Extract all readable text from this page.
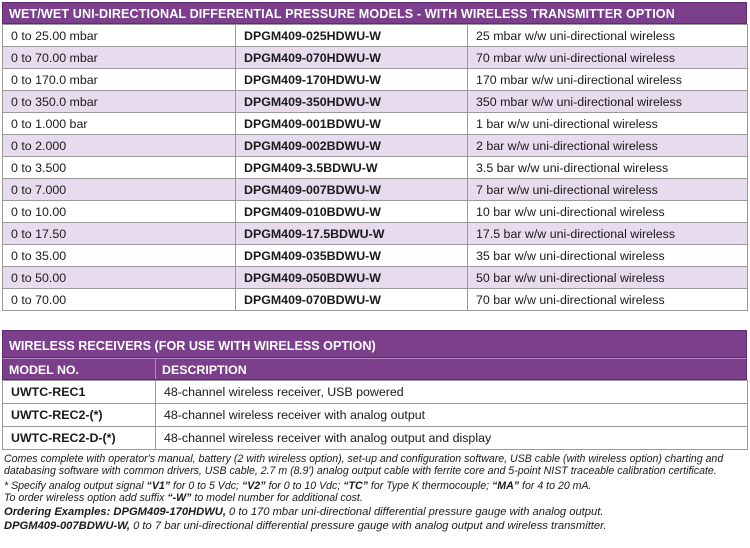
WET/WET UNI-DIRECTIONAL DIFFERENTIAL PRESSURE MODELS - WITH WIRELESS TRANSMITTER OPTION
0 to 25.00 mbar	DPGM409-025HDWU-W	25 mbar w/w uni-directional wireless
0 to 70.00 mbar	DPGM409-070HDWU-W	70 mbar w/w uni-directional wireless
0 to 170.0 mbar	DPGM409-170HDWU-W	170 mbar w/w uni-directional wireless
0 to 350.0 mbar	DPGM409-350HDWU-W	350 mbar w/w uni-directional wireless
0 to 1.000 bar	DPGM409-001BDWU-W	1 bar w/w uni-directional wireless
0 to 2.000	DPGM409-002BDWU-W	2 bar w/w uni-directional wireless
0 to 3.500	DPGM409-3.5BDWU-W	3.5 bar w/w uni-directional wireless
0 to 7.000	DPGM409-007BDWU-W	7 bar w/w uni-directional wireless
0 to 10.00	DPGM409-010BDWU-W	10 bar w/w uni-directional wireless
0 to 17.50	DPGM409-17.5BDWU-W	17.5 bar w/w uni-directional wireless
0 to 35.00	DPGM409-035BDWU-W	35 bar w/w uni-directional wireless
0 to 50.00	DPGM409-050BDWU-W	50 bar w/w uni-directional wireless
0 to 70.00	DPGM409-070BDWU-W	70 bar w/w uni-directional wireless
WIRELESS RECEIVERS (FOR USE WITH WIRELESS OPTION)
MODEL NO.	DESCRIPTION
UWTC-REC1	48-channel wireless receiver, USB powered
UWTC-REC2-(*)	48-channel wireless receiver with analog output
UWTC-REC2-D-(*)	48-channel wireless receiver with analog output and display

Comes complete with operator's manual, battery (2 with wireless option), set-up and configuration software, USB cable (with wireless option) charting and databasing software with common drivers, USB cable, 2.7 m (8.9') analog output cable with ferrite core and 5-point NIST traceable calibration certificate.

* Specify analog output signal “V1” for 0 to 5 Vdc; “V2” for 0 to 10 Vdc; “TC” for Type K thermocouple; “MA” for 4 to 20 mA.

To order wireless option add suffix “-W” to model number for additional cost.

Ordering Examples: DPGM409-170HDWU, 0 to 170 mbar uni-directional differential pressure gauge with analog output.

DPGM409-007BDWU-W, 0 to 7 bar uni-directional differential pressure gauge with analog output and wireless transmitter.
